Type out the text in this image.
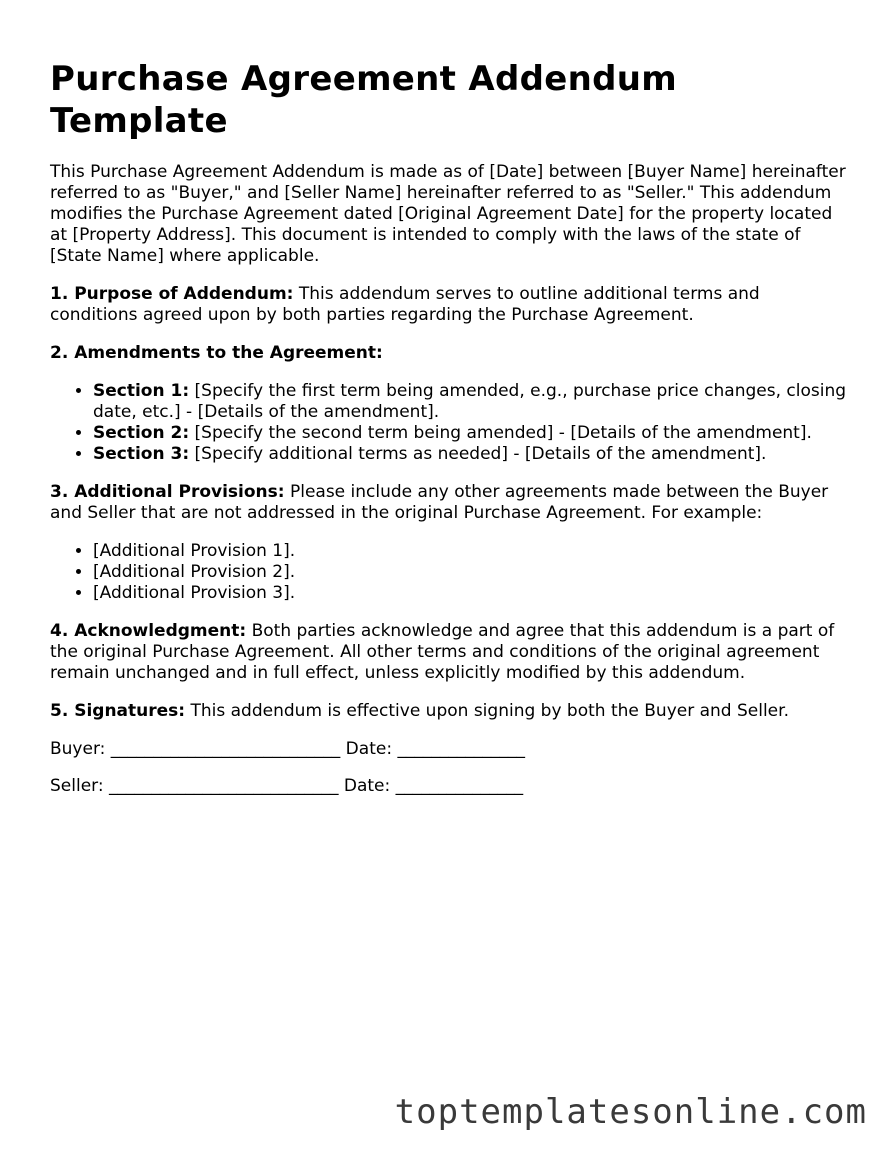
Purchase Agreement Addendum Template

This Purchase Agreement Addendum is made as of [Date] between [Buyer Name] hereinafter referred to as "Buyer," and [Seller Name] hereinafter referred to as "Seller." This addendum modifies the Purchase Agreement dated [Original Agreement Date] for the property located at [Property Address]. This document is intended to comply with the laws of the state of [State Name] where applicable.

1. Purpose of Addendum: This addendum serves to outline additional terms and conditions agreed upon by both parties regarding the Purchase Agreement.

2. Amendments to the Agreement:

• Section 1: [Specify the first term being amended, e.g., purchase price changes, closing date, etc.] - [Details of the amendment].
• Section 2: [Specify the second term being amended] - [Details of the amendment].
• Section 3: [Specify additional terms as needed] - [Details of the amendment].

3. Additional Provisions: Please include any other agreements made between the Buyer and Seller that are not addressed in the original Purchase Agreement. For example:

• [Additional Provision 1].
• [Additional Provision 2].
• [Additional Provision 3].

4. Acknowledgment: Both parties acknowledge and agree that this addendum is a part of the original Purchase Agreement. All other terms and conditions of the original agreement remain unchanged and in full effect, unless explicitly modified by this addendum.

5. Signatures: This addendum is effective upon signing by both the Buyer and Seller.

Buyer: ___________________________ Date: _______________

Seller: ___________________________ Date: _______________

toptemplatesonline.com
